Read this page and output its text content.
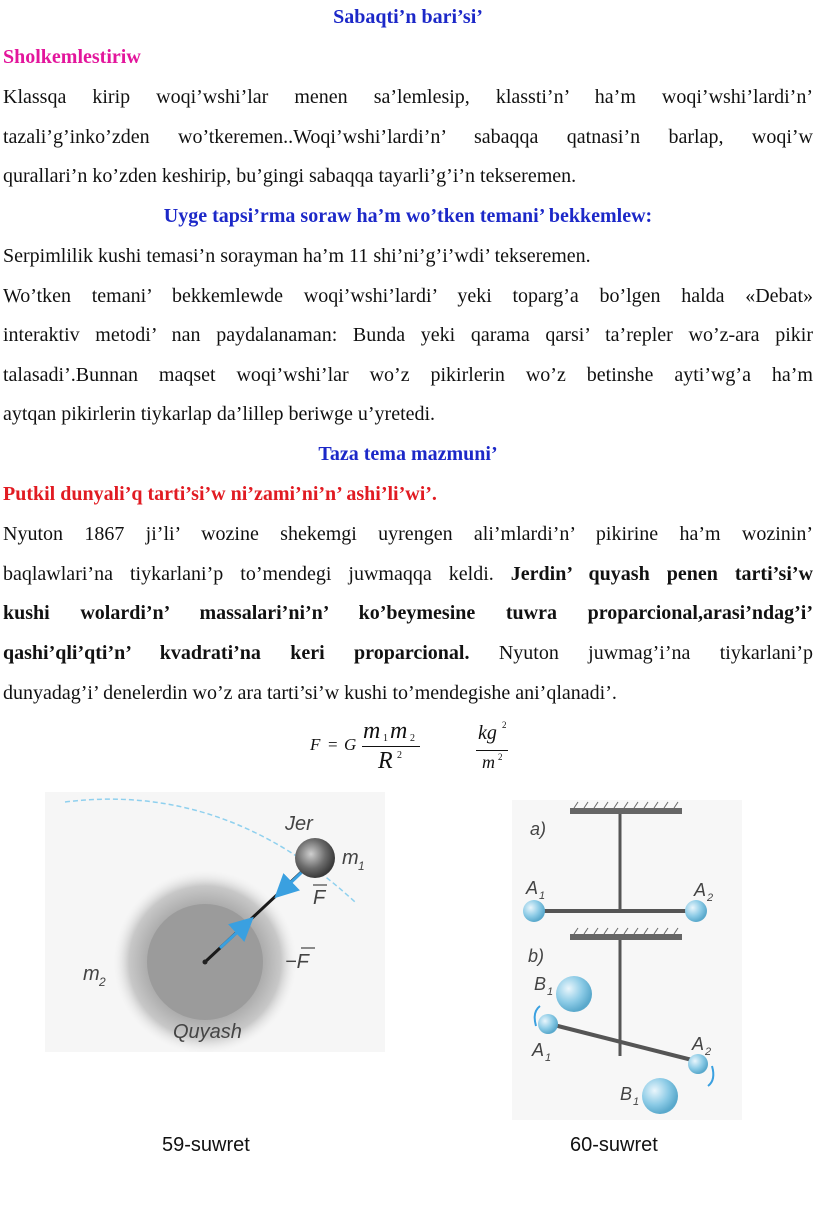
Sabaqti’n bari’si’
Sholkemlestiriw
Klassqa kirip woqi’wshi’lar menen sa’lemlesip, klassti’n’ ha’m woqi’wshi’lardi’n’
tazali’g’inko’zden wo’tkeremen..Woqi’wshi’lardi’n’ sabaqqa qatnasi’n barlap, woqi’w
qurallari’n ko’zden keshirip, bu’gingi sabaqqa tayarli’g’i’n tekseremen.
Uyge tapsi’rma soraw ha’m wo’tken temani’ bekkemlew:
Serpimlilik kushi temasi’n sorayman ha’m 11 shi’ni’g’i’wdi’ tekseremen.
Wo’tken temani’ bekkemlewde woqi’wshi’lardi’ yeki toparg’a bo’lgen halda «Debat»
interaktiv metodi’ nan paydalanaman: Bunda yeki qarama qarsi’ ta’repler wo’z-ara pikir
talasadi’.Bunnan maqset woqi’wshi’lar wo’z pikirlerin wo’z betinshe ayti’wg’a ha’m
aytqan pikirlerin tiykarlap da’lillep beriwge u’yretedi.
Taza tema mazmuni’
Putkil dunyali’q tarti’si’w ni’zami’ni’n’ ashi’li’wi’.
Nyuton 1867 ji’li’ wozine shekemgi uyrengen ali’mlardi’n’ pikirine ha’m wozinin’
baqlawlari’na tiykarlani’p to’mendegi juwmaqqa keldi. Jerdin’ quyash penen tarti’si’w
kushi wolardi’n’ massalari’ni’n’ ko’beymesine tuwra proparcional,arasi’ndag’i’
qashi’qli’qti’n’ kvadrati’na keri proparcional. Nyuton juwmag’i’na tiykarlani’p
dunyadag’i’ denelerdin wo’z ara tarti’si’w kushi to’mendegishe ani’qlanadi’.
F = G
m 1 m 2
R 2
kg 2
m 2
Jer
m 1
F
−F
m 2
Quyash
59-suwret
a)
A 1	A 2
b)
B 1
A 1
A 2
B 1
60-suwret
